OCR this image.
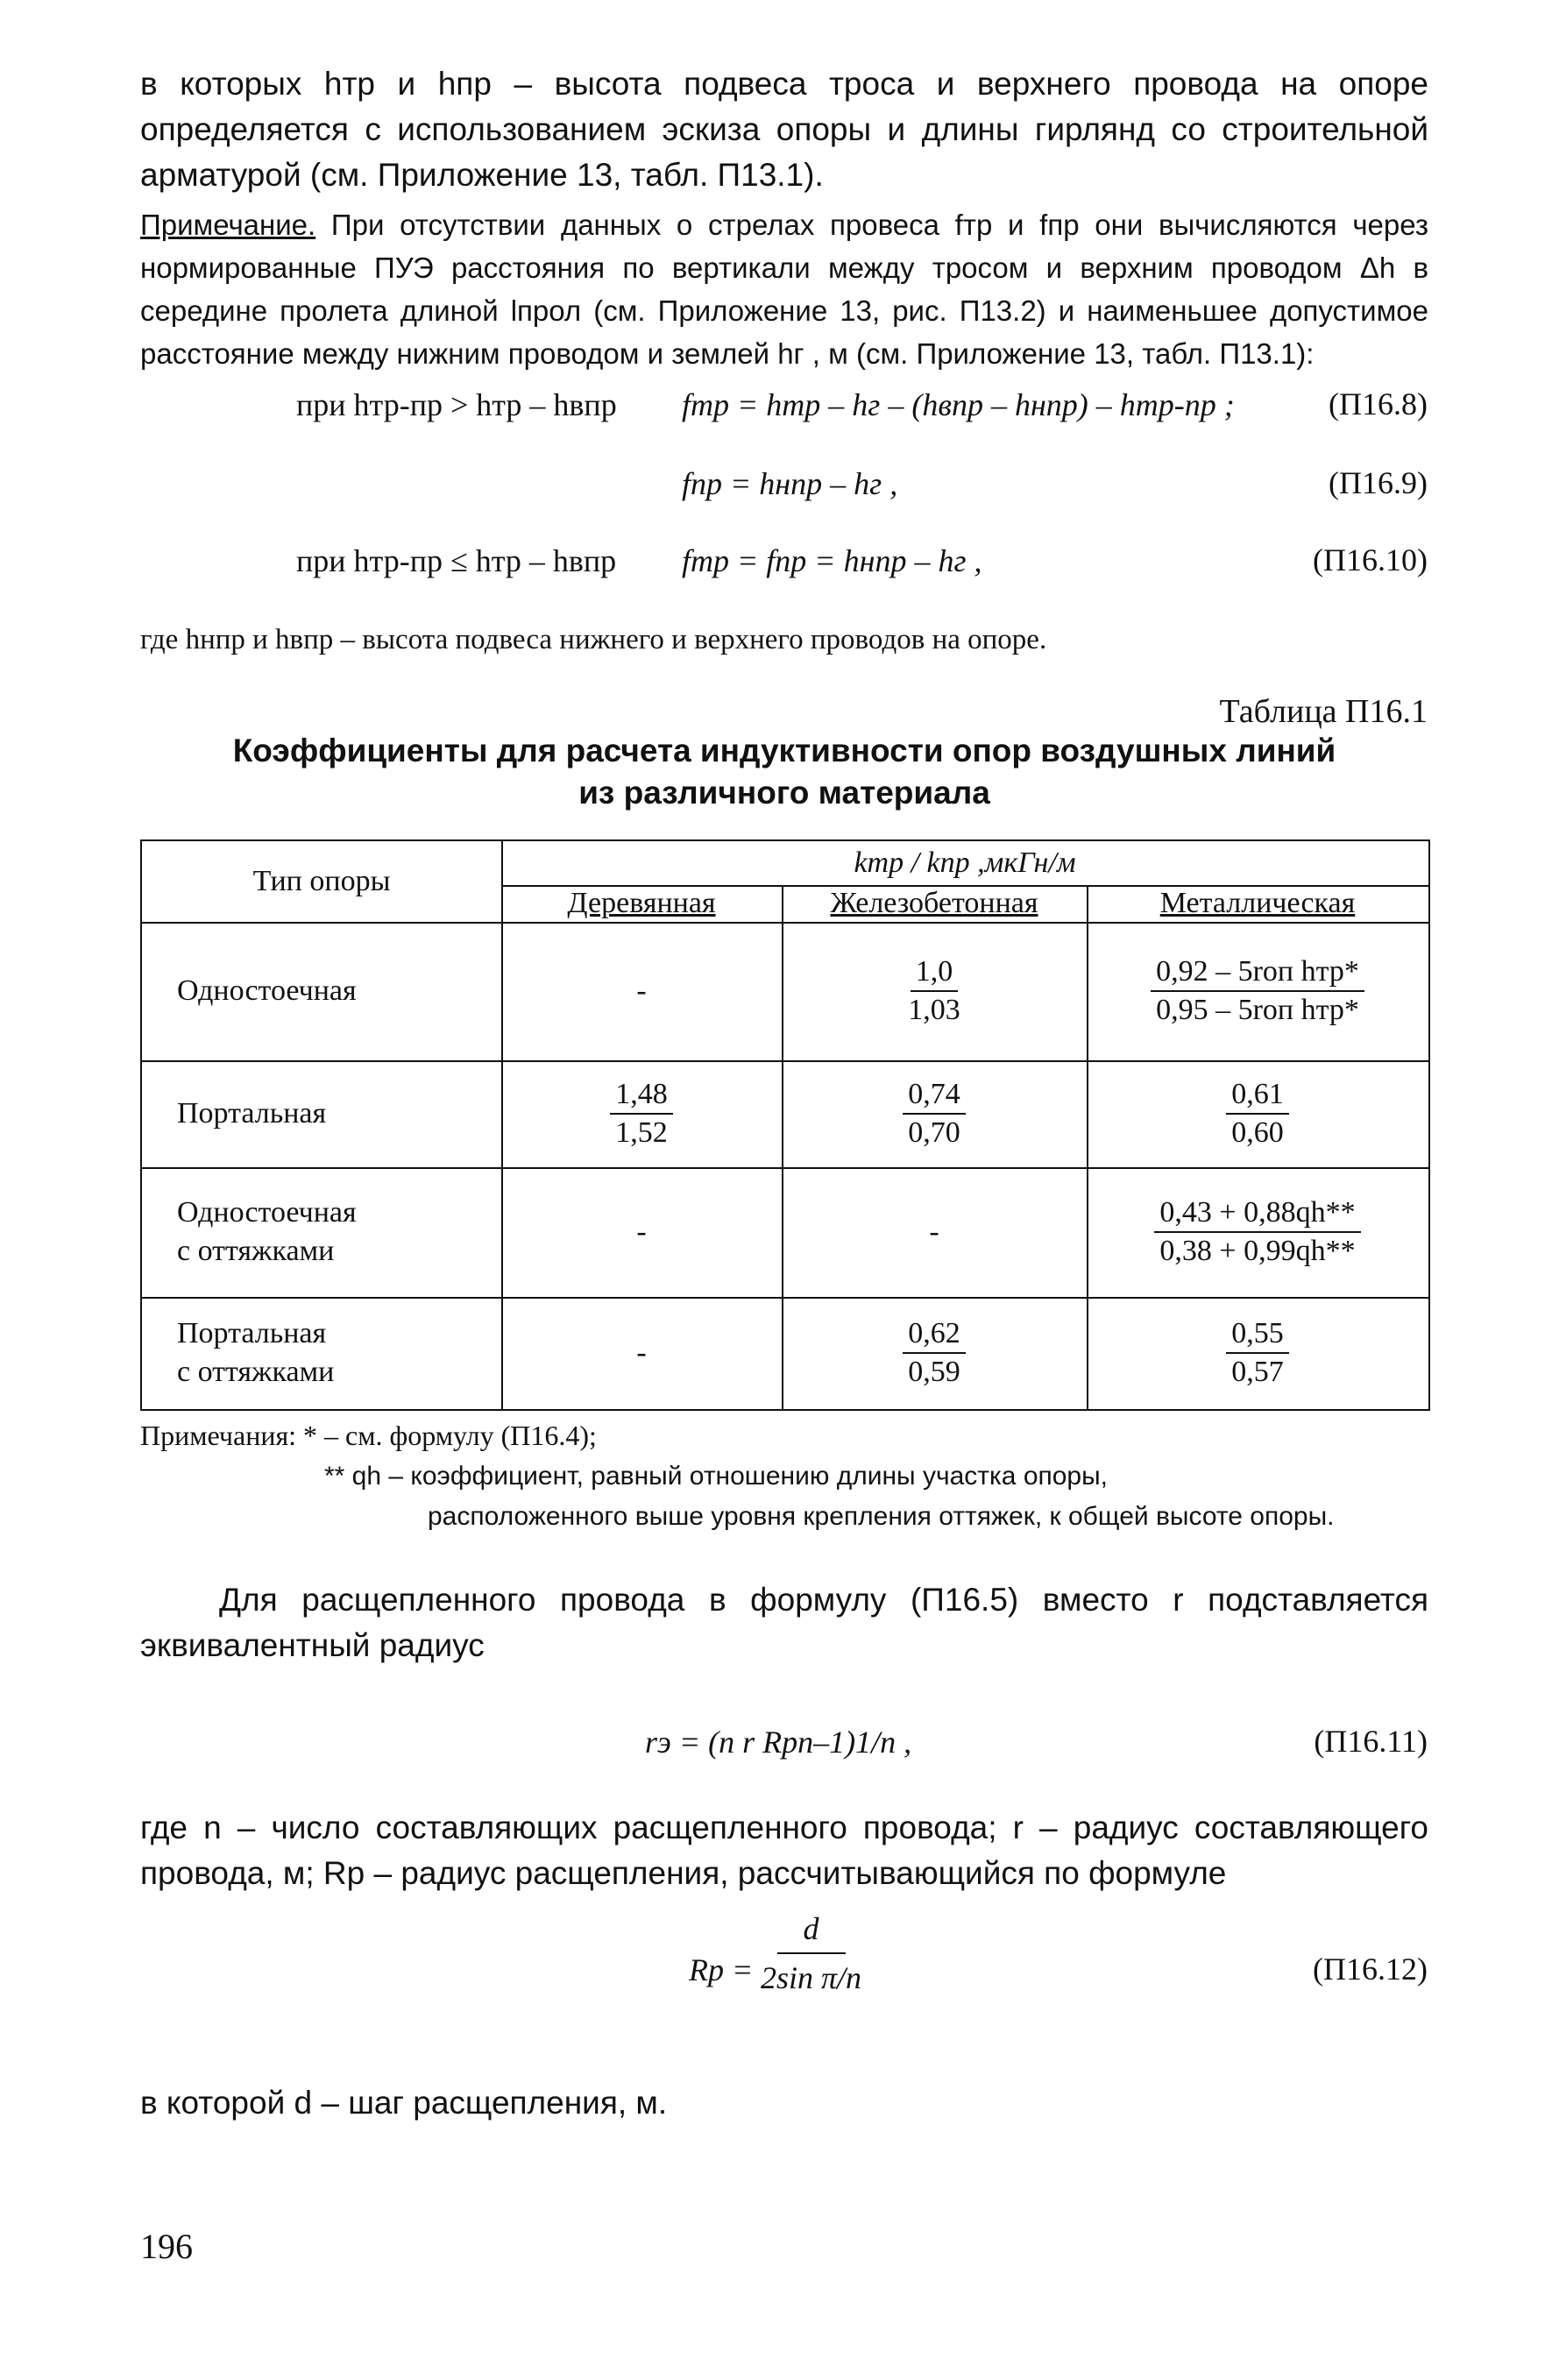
в которых hтр и hпр – высота подвеса троса и верхнего провода на опоре определяется с использованием эскиза опоры и длины гирлянд со строительной арматурой (см. Приложение 13, табл. П13.1).
Примечание. При отсутствии данных о стрелах провеса fтр и fпр они вычисляются через нормированные ПУЭ расстояния по вертикали между тросом и верхним проводом Δh в середине пролета длиной lпрол (см. Приложение 13, рис. П13.2) и наименьшее допустимое расстояние между нижним проводом и землей hг , м (см. Приложение 13, табл. П13.1):
при hтр-пр > hтр – hвпр fтр = hтр – hг – (hвпр – hнпр) – hтр-пр ;	(П16.8)
fпр = hнпр – hг ,	(П16.9)
при hтр-пр ≤ hтр – hвпр fтр = fпр = hнпр – hг ,	(П16.10)
где hнпр и hвпр – высота подвеса нижнего и верхнего проводов на опоре.
Таблица П16.1
Коэффициенты для расчета индуктивности опор воздушных линий
из различного материала
Тип опоры
kтр / kпр ,мкГн/м
Деревянная	Железобетонная	Металлическая
Одностоечная	-	$\frac{1,0}{1,03}$	$\frac{\text{0,92 – 5rоп hтр*}}{\text{0,95 – 5rоп hтр*}}$
Портальная	$\frac{1,48}{1,52}$	$\frac{0,74}{0,70}$	$\frac{0,61}{0,60}$
Одностоечная
с оттяжками
-	-	$\frac{0,43 + 0,88qh**}{0,38 + 0,99qh**}$
Портальная
с оттяжками
-	$\frac{0,62}{0,59}$	$\frac{0,55}{0,57}$
Примечания: * – см. формулу (П16.4);
** qh – коэффициент, равный отношению длины участка опоры,
расположенного выше уровня крепления оттяжек, к общей высоте опоры.
Для расщепленного провода в формулу (П16.5) вместо r подставляется эквивалентный радиус
rэ = (n r Rрn–1)1/n ,	(П16.11)
где n – число составляющих расщепленного провода; r – радиус составляющего провода, м; Rр – радиус расщепления, рассчитывающийся по формуле
Rр = $\frac{d}{\text{2sin π/n}}$	(П16.12)
в которой d – шаг расщепления, м.
196
